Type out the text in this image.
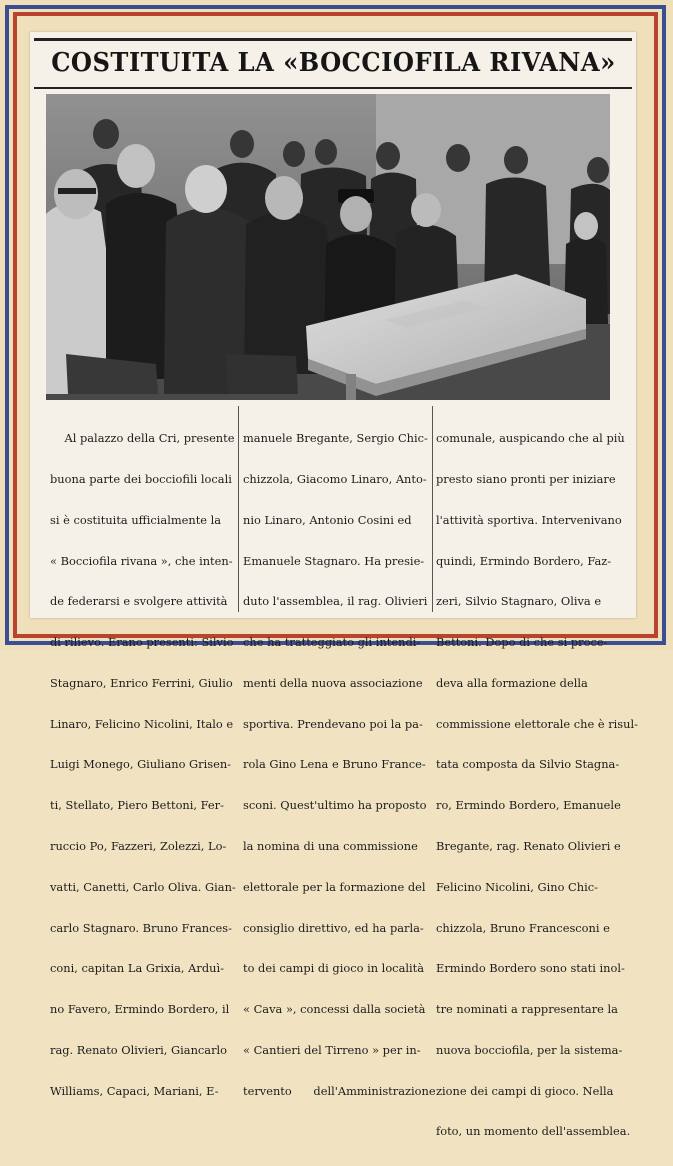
COSTITUITA LA «BOCCIOFILA RIVANA»

Al palazzo della Cri, presente

buona parte dei bocciofili locali

si è costituita ufficialmente la

« Bocciofila rivana », che inten-

de federarsi e svolgere attività

di rilievo. Erano presenti: Silvio

Stagnaro, Enrico Ferrini, Giulio

Linaro, Felicino Nicolini, Italo e

Luigi Monego, Giuliano Grisen-

ti, Stellato, Piero Bettoni, Fer-

ruccio Po, Fazzeri, Zolezzi, Lo-

vatti, Canetti, Carlo Oliva. Gian-

carlo Stagnaro. Bruno Frances-

coni, capitan La Grixia, Arduì-

no Favero, Ermindo Bordero, il

rag. Renato Olivieri, Giancarlo

Williams, Capaci, Mariani, E-

manuele Bregante, Sergio Chic-

chizzola, Giacomo Linaro, Anto-

nio Linaro, Antonio Cosini ed

Emanuele Stagnaro. Ha presie-

duto l'assemblea, il rag. Olivieri

che ha tratteggiato gli intendi-

menti della nuova associazione

sportiva. Prendevano poi la pa-

rola Gino Lena e Bruno France-

sconi. Quest'ultimo ha proposto

la nomina di una commissione

elettorale per la formazione del

consiglio direttivo, ed ha parla-

to dei campi di gioco in località

« Cava », concessi dalla società

« Cantieri del Tirreno » per in-

tervento      dell'Amministrazione

comunale, auspicando che al più

presto siano pronti per iniziare

l'attività sportiva. Intervenivano

quindi, Ermindo Bordero, Faz-

zeri, Silvio Stagnaro, Oliva e

Bettoni. Dopo di che si proce-

deva alla formazione della

commissione elettorale che è risul-

tata composta da Silvio Stagna-

ro, Ermindo Bordero, Emanuele

Bregante, rag. Renato Olivieri e

Felicino Nicolini, Gino Chic-

chizzola, Bruno Francesconi e

Ermindo Bordero sono stati inol-

tre nominati a rappresentare la

nuova bocciofila, per la sistema-

zione dei campi di gioco. Nella

foto, un momento dell'assemblea.
